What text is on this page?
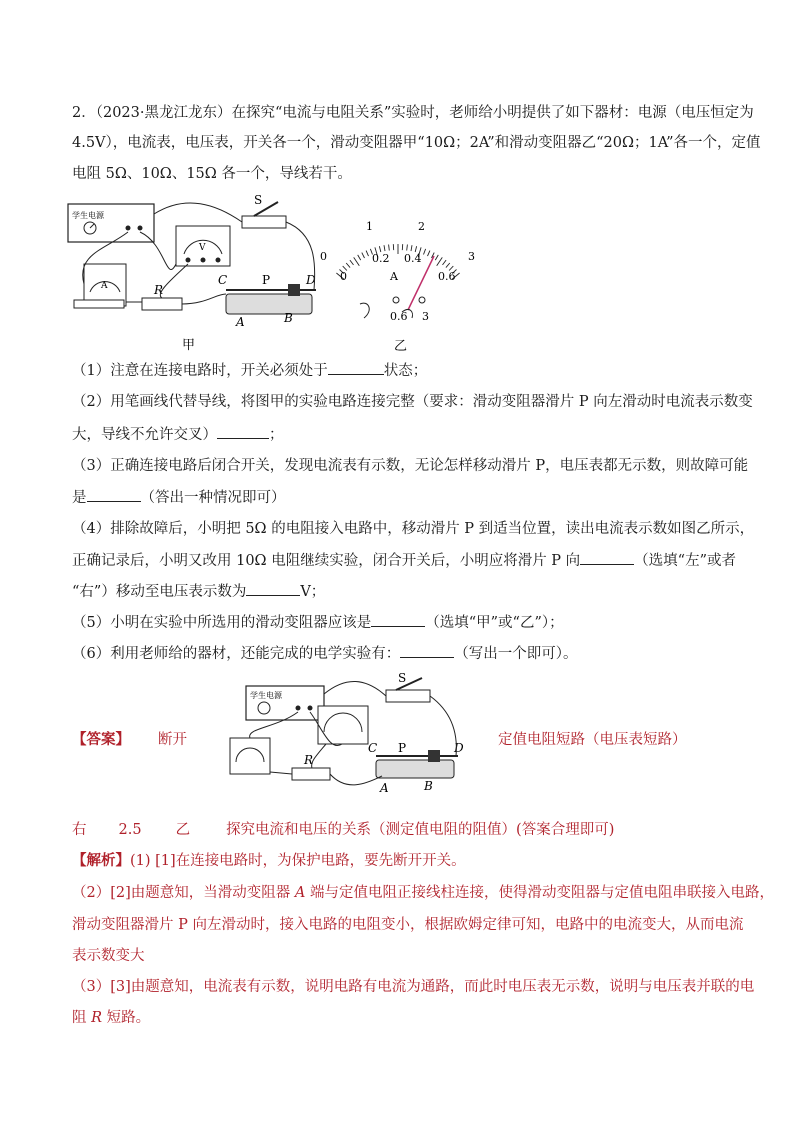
2．（2023·黑龙江龙东）在探究“电流与电阻关系”实验时，老师给小明提供了如下器材：电源（电压恒定为
4.5V），电流表，电压表，开关各一个，滑动变阻器甲“10Ω；2A”和滑动变阻器乙“20Ω；1A”各一个，定值
电阻 5Ω、10Ω、15Ω 各一个，导线若干。
学生电源
S
V
A	R
C	P	D
A	B
甲
0
1	2
3
0
0.2 0.4
0.6
A
0.6 3
乙
（1）注意在连接电路时，开关必须处于	状态；
（2）用笔画线代替导线，将图甲的实验电路连接完整（要求：滑动变阻器滑片 P 向左滑动时电流表示数变
大，导线不允许交叉）	；
（3）正确连接电路后闭合开关，发现电流表有示数，无论怎样移动滑片 P，电压表都无示数，则故障可能
是	（答出一种情况即可）
（4）排除故障后，小明把 5Ω 的电阻接入电路中，移动滑片 P 到适当位置，读出电流表示数如图乙所示，
正确记录后，小明又改用 10Ω 电阻继续实验，闭合开关后，小明应将滑片 P 向	（选填“左”或者
“右”）移动至电压表示数为	V；
（5）小明在实验中所选用的滑动变阻器应该是	（选填“甲”或“乙”）；
（6）利用老师给的器材，还能完成的电学实验有：	（写出一个即可）。
学生电源
S
R
C P	D
A	B
【答案】 断开	定值电阻短路（电压表短路）
右 2.5 乙 探究电流和电压的关系（测定值电阻的阻值）(答案合理即可)
【解析】(1) [1]在连接电路时，为保护电路，要先断开开关。
（2）[2]由题意知，当滑动变阻器 A 端与定值电阻正接线柱连接，使得滑动变阻器与定值电阻串联接入电路，
滑动变阻器滑片 P 向左滑动时，接入电路的电阻变小，根据欧姆定律可知，电路中的电流变大，从而电流
表示数变大
（3）[3]由题意知，电流表有示数，说明电路有电流为通路，而此时电压表无示数，说明与电压表并联的电
阻 R 短路。
